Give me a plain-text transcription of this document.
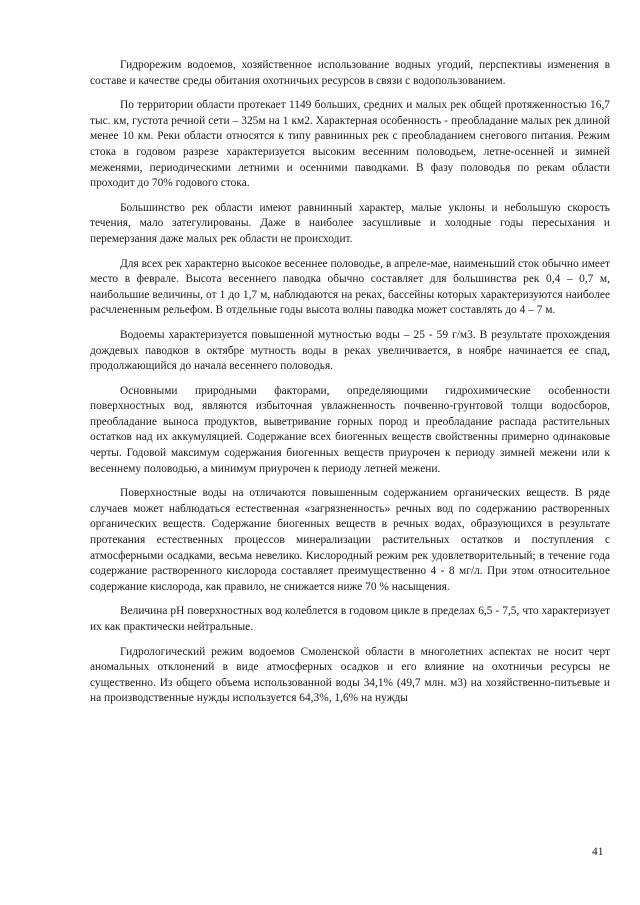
Гидрорежим водоемов, хозяйственное использование водных угодий, перспективы изменения в составе и качестве среды обитания охотничьих ресурсов в связи с водопользованием.

По территории области протекает 1149 больших, средних и малых рек общей протяженностью 16,7 тыс. км, густота речной сети – 325м на 1 км2. Характерная особенность - преобладание малых рек длиной менее 10 км. Реки области относятся к типу равнинных рек с преобладанием снегового питания. Режим стока в годовом разрезе характеризуется высоким весенним половодьем, летне-осенней и зимней меженями, периодическими летними и осенними паводками. В фазу половодья по рекам области проходит до 70% годового стока.

Большинство рек области имеют равнинный характер, малые уклоны и небольшую скорость течения, мало затегулированы. Даже в наиболее засушливые и холодные годы пересыхания и перемерзания даже малых рек области не происходит.

Для всех рек характерно высокое весеннее половодье, в апреле-мае, наименьший сток обычно имеет место в феврале. Высота весеннего паводка обычно составляет для большинства рек 0,4 – 0,7 м, наибольшие величины, от 1 до 1,7 м, наблюдаются на реках, бассейны которых характеризуются наиболее расчлененным рельефом. В отдельные годы высота волны паводка может составлять до 4 – 7 м.

Водоемы характеризуется повышенной мутностью воды – 25 - 59 г/м3. В результате прохождения дождевых паводков в октябре мутность воды в реках увеличивается, в ноябре начинается ее спад, продолжающийся до начала весеннего половодья.

Основными природными факторами, определяющими гидрохимические особенности поверхностных вод, являются избыточная увлажненность почвенно-грунтовой толщи водосборов, преобладание выноса продуктов, выветривание горных пород и преобладание распада растительных остатков над их аккумуляцией. Содержание всех биогенных веществ свойственны примерно одинаковые черты. Годовой максимум содержания биогенных веществ приурочен к периоду зимней межени или к весеннему половодью, а минимум приурочен к периоду летней межени.

Поверхностные воды на отличаются повышенным содержанием органических веществ. В ряде случаев может наблюдаться естественная «загрязненность» речных вод по содержанию растворенных органических веществ. Содержание биогенных веществ в речных водах, образующихся в результате протекания естественных процессов минерализации растительных остатков и поступления с атмосферными осадками, весьма невелико. Кислородный режим рек удовлетворительный; в течение года содержание растворенного кислорода составляет преимущественно 4 - 8 мг/л. При этом относительное содержание кислорода, как правило, не снижается ниже 70 % насыщения.

Величина pH поверхностных вод колеблется в годовом цикле в пределах 6,5 - 7,5, что характеризует их как практически нейтральные.

Гидрологический режим водоемов Смоленской области в многолетних аспектах не носит черт аномальных отклонений в виде атмосферных осадков и его влияние на охотничьи ресурсы не существенно. Из общего объема использованной воды 34,1% (49,7 млн. м3) на хозяйственно-питьевые и на производственные нужды используется 64,3%, 1,6% на нужды

41
